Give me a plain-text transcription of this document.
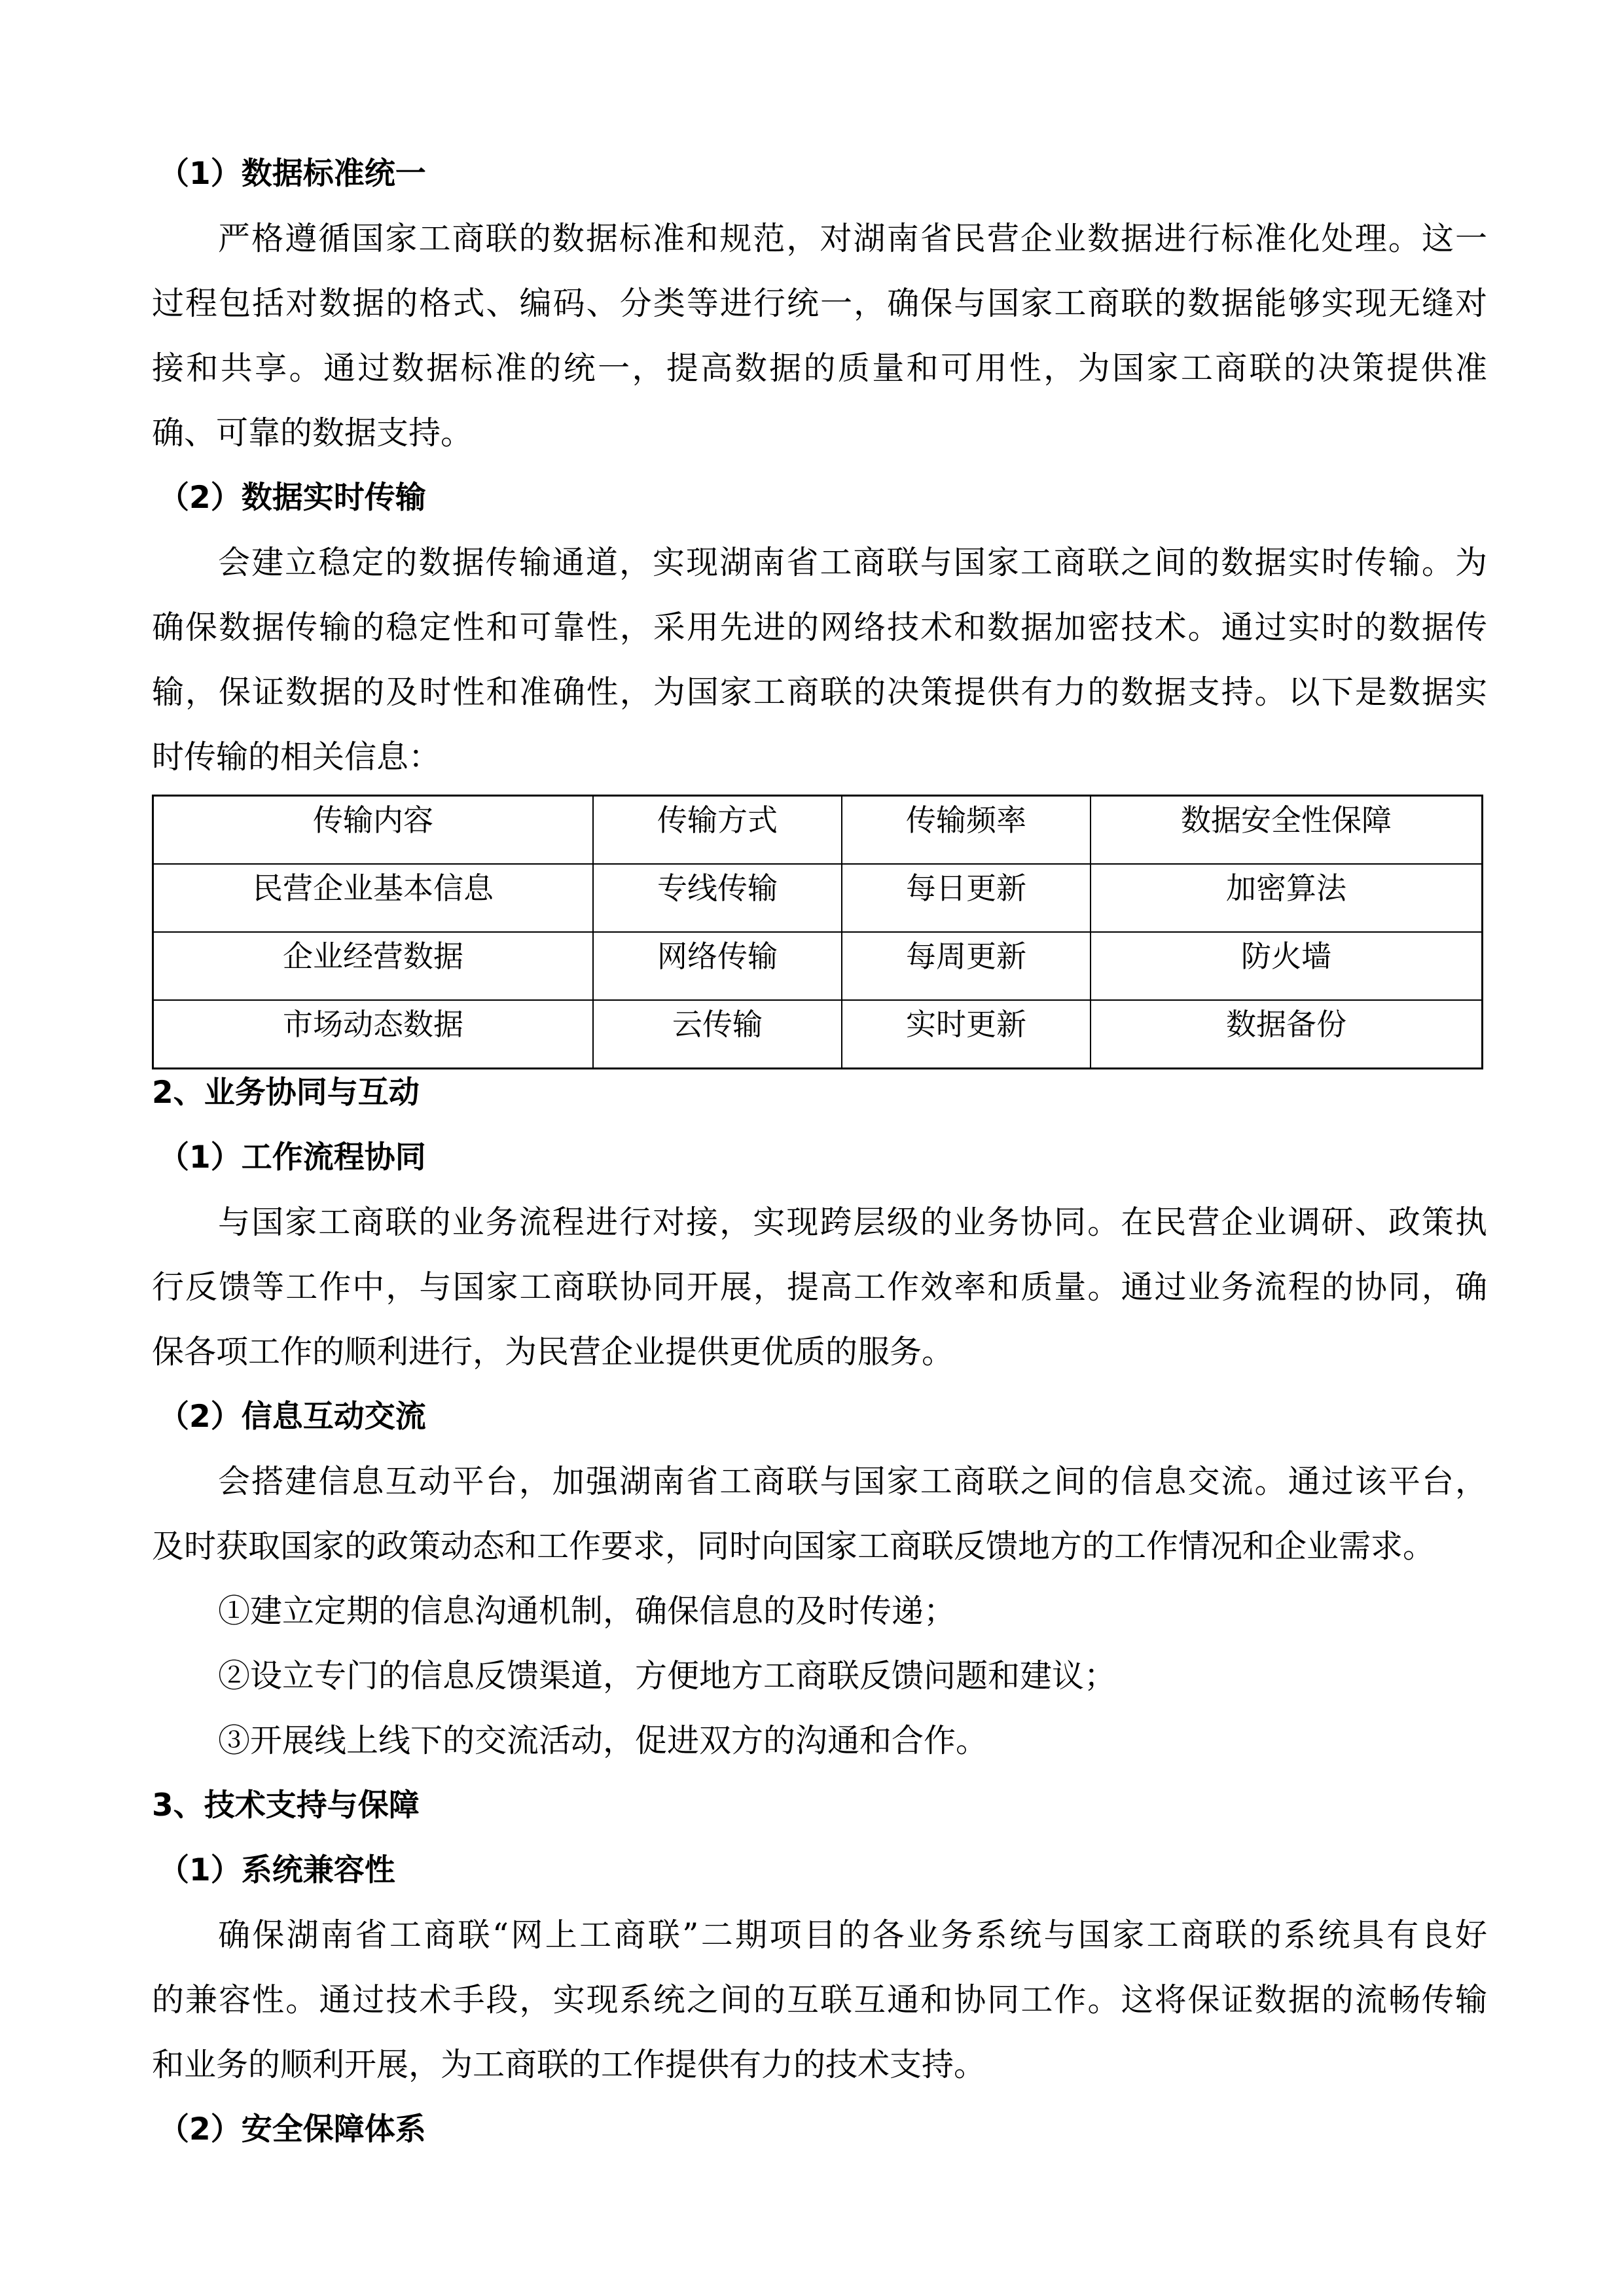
（1）数据标准统一
严格遵循国家工商联的数据标准和规范，对湖南省民营企业数据进行标准化处理。这一
过程包括对数据的格式、编码、分类等进行统一，确保与国家工商联的数据能够实现无缝对
接和共享。通过数据标准的统一，提高数据的质量和可用性，为国家工商联的决策提供准
确、可靠的数据支持。
（2）数据实时传输
会建立稳定的数据传输通道，实现湖南省工商联与国家工商联之间的数据实时传输。为
确保数据传输的稳定性和可靠性，采用先进的网络技术和数据加密技术。通过实时的数据传
输，保证数据的及时性和准确性，为国家工商联的决策提供有力的数据支持。以下是数据实
时传输的相关信息：
传输内容	传输方式	传输频率	数据安全性保障
民营企业基本信息	专线传输	每日更新	加密算法
企业经营数据	网络传输	每周更新	防火墙
市场动态数据	云传输	实时更新	数据备份
2、业务协同与互动
（1）工作流程协同
与国家工商联的业务流程进行对接，实现跨层级的业务协同。在民营企业调研、政策执
行反馈等工作中，与国家工商联协同开展，提高工作效率和质量。通过业务流程的协同，确
保各项工作的顺利进行，为民营企业提供更优质的服务。
（2）信息互动交流
会搭建信息互动平台，加强湖南省工商联与国家工商联之间的信息交流。通过该平台，
及时获取国家的政策动态和工作要求，同时向国家工商联反馈地方的工作情况和企业需求。
①建立定期的信息沟通机制，确保信息的及时传递；
②设立专门的信息反馈渠道，方便地方工商联反馈问题和建议；
③开展线上线下的交流活动，促进双方的沟通和合作。
3、技术支持与保障
（1）系统兼容性
确保湖南省工商联“网上工商联”二期项目的各业务系统与国家工商联的系统具有良好
的兼容性。通过技术手段，实现系统之间的互联互通和协同工作。这将保证数据的流畅传输
和业务的顺利开展，为工商联的工作提供有力的技术支持。
（2）安全保障体系
